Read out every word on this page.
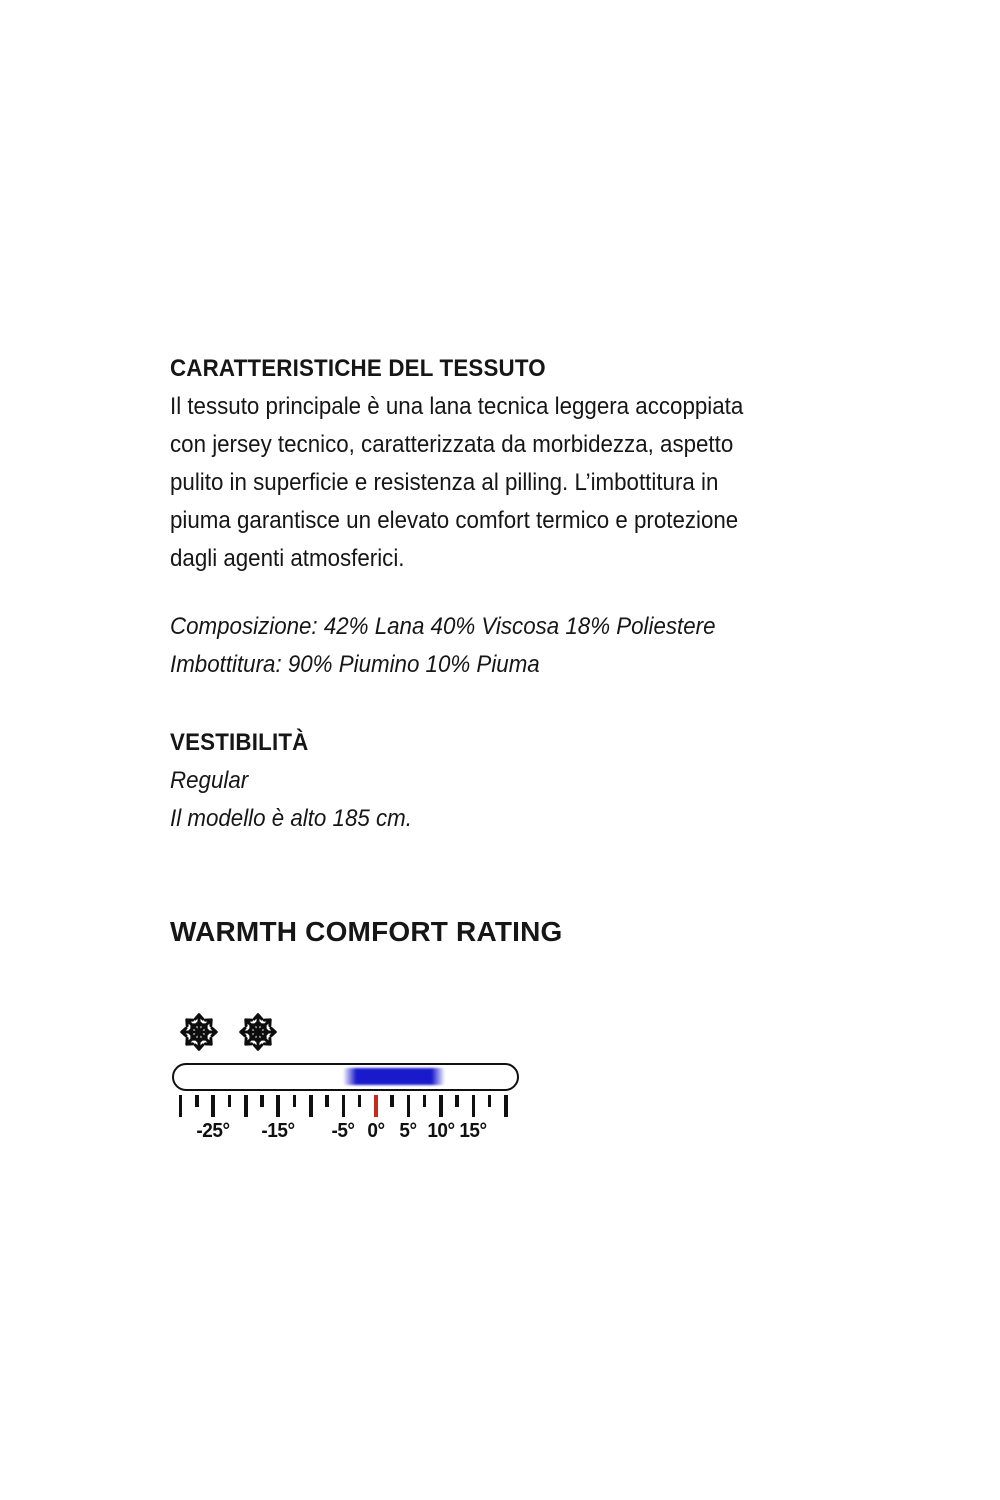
CARATTERISTICHE DEL TESSUTO
Il tessuto principale è una lana tecnica leggera accoppiata
con jersey tecnico, caratterizzata da morbidezza, aspetto
pulito in superficie e resistenza al pilling. L’imbottitura in
piuma garantisce un elevato comfort termico e protezione
dagli agenti atmosferici.
Composizione: 42% Lana 40% Viscosa 18% Poliestere
Imbottitura: 90% Piumino 10% Piuma
VESTIBILITÀ
Regular
Il modello è alto 185 cm.
WARMTH COMFORT RATING
-25° -15° -5° 0° 5° 10° 15°
